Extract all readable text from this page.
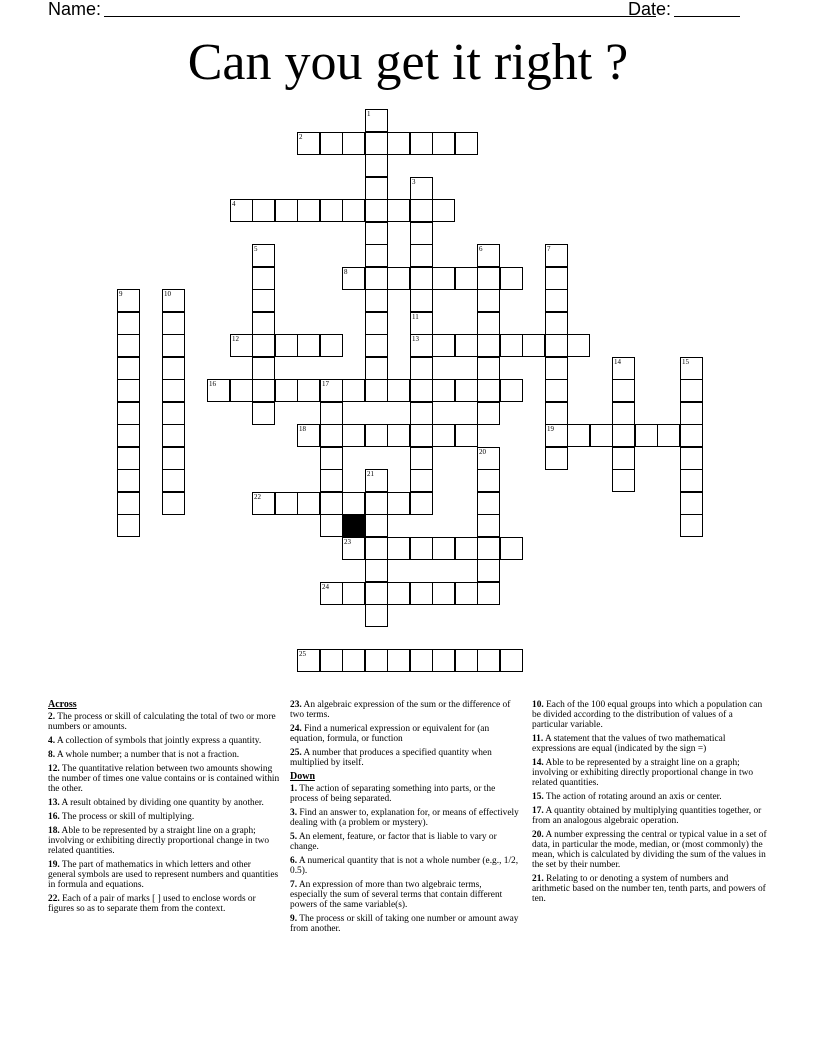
Name:	Date:
Can you get it right ?
1
2
3
11
4
5	6	7
19
8
9	10
13
12
14	15
16	17
18
20
21
22
23
24
25
Across
2. The process or skill of calculating the total of two or more numbers or amounts.
4. A collection of symbols that jointly express a quantity.
8. A whole number; a number that is not a fraction.
12. The quantitative relation between two amounts showing the number of times one value contains or is contained within the other.
13. A result obtained by dividing one quantity by another.
16. The process or skill of multiplying.
18. Able to be represented by a straight line on a graph; involving or exhibiting directly proportional change in two related quantities.
19. The part of mathematics in which letters and other general symbols are used to represent numbers and quantities in formula and equations.
22. Each of a pair of marks [ ] used to enclose words or figures so as to separate them from the context.
23. An algebraic expression of the sum or the difference of two terms.
24. Find a numerical expression or equivalent for (an equation, formula, or function
25. A number that produces a specified quantity when multiplied by itself.
Down
1. The action of separating something into parts, or the process of being separated.
3. Find an answer to, explanation for, or means of effectively dealing with (a problem or mystery).
5. An element, feature, or factor that is liable to vary or change.
6. A numerical quantity that is not a whole number (e.g., 1/2, 0.5).
7. An expression of more than two algebraic terms, especially the sum of several terms that contain different powers of the same variable(s).
9. The process or skill of taking one number or amount away from another.
10. Each of the 100 equal groups into which a population can be divided according to the distribution of values of a particular variable.
11. A statement that the values of two mathematical expressions are equal (indicated by the sign =)
14. Able to be represented by a straight line on a graph; involving or exhibiting directly proportional change in two related quantities.
15. The action of rotating around an axis or center.
17. A quantity obtained by multiplying quantities together, or from an analogous algebraic operation.
20. A number expressing the central or typical value in a set of data, in particular the mode, median, or (most commonly) the mean, which is calculated by dividing the sum of the values in the set by their number.
21. Relating to or denoting a system of numbers and arithmetic based on the number ten, tenth parts, and powers of ten.
